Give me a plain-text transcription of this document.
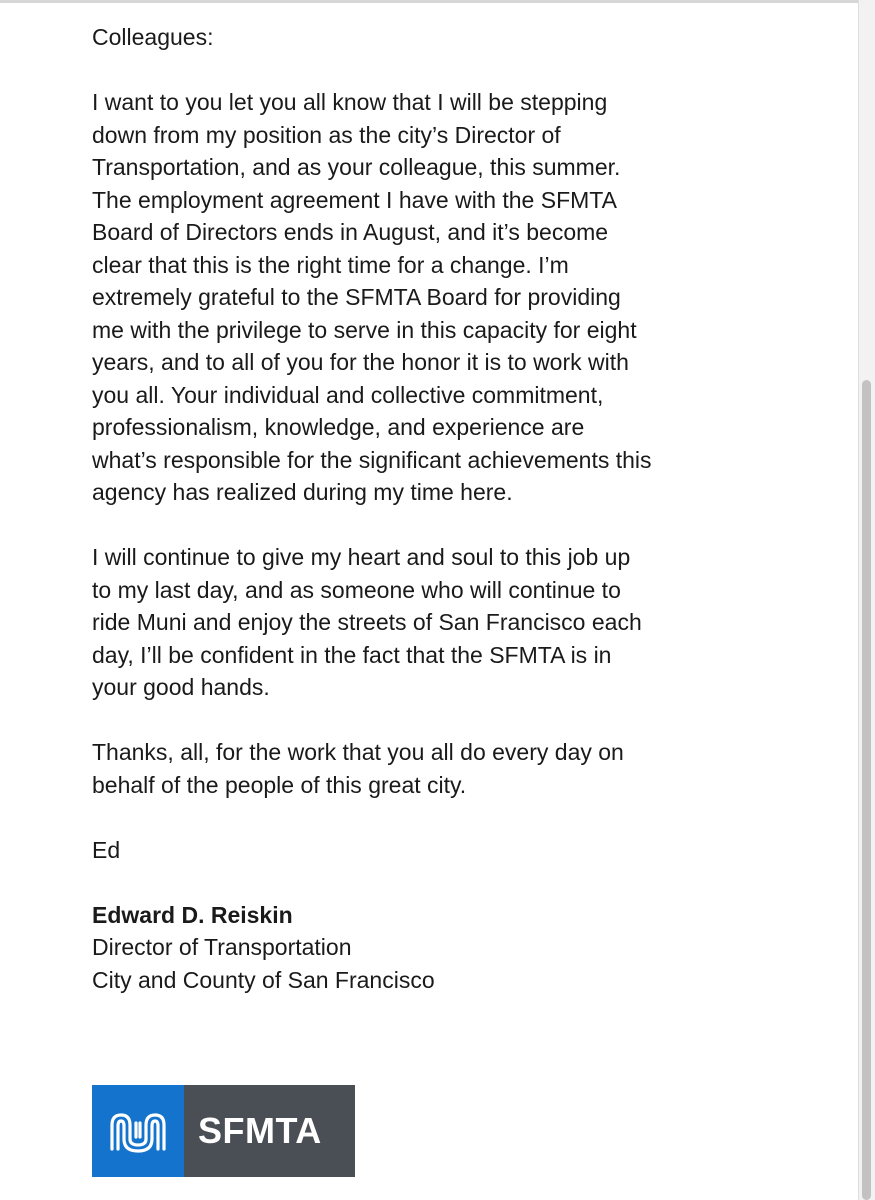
Colleagues:

I want to you let you all know that I will be stepping down from my position as the city’s Director of Transportation, and as your colleague, this summer. The employment agreement I have with the SFMTA Board of Directors ends in August, and it’s become clear that this is the right time for a change. I’m extremely grateful to the SFMTA Board for providing me with the privilege to serve in this capacity for eight years, and to all of you for the honor it is to work with you all. Your individual and collective commitment, professionalism, knowledge, and experience are what’s responsible for the significant achievements this agency has realized during my time here.

I will continue to give my heart and soul to this job up to my last day, and as someone who will continue to ride Muni and enjoy the streets of San Francisco each day, I’ll be confident in the fact that the SFMTA is in your good hands.

Thanks, all, for the work that you all do every day on behalf of the people of this great city.

Ed

Edward D. Reiskin

Director of Transportation

City and County of San Francisco

SFMTA
